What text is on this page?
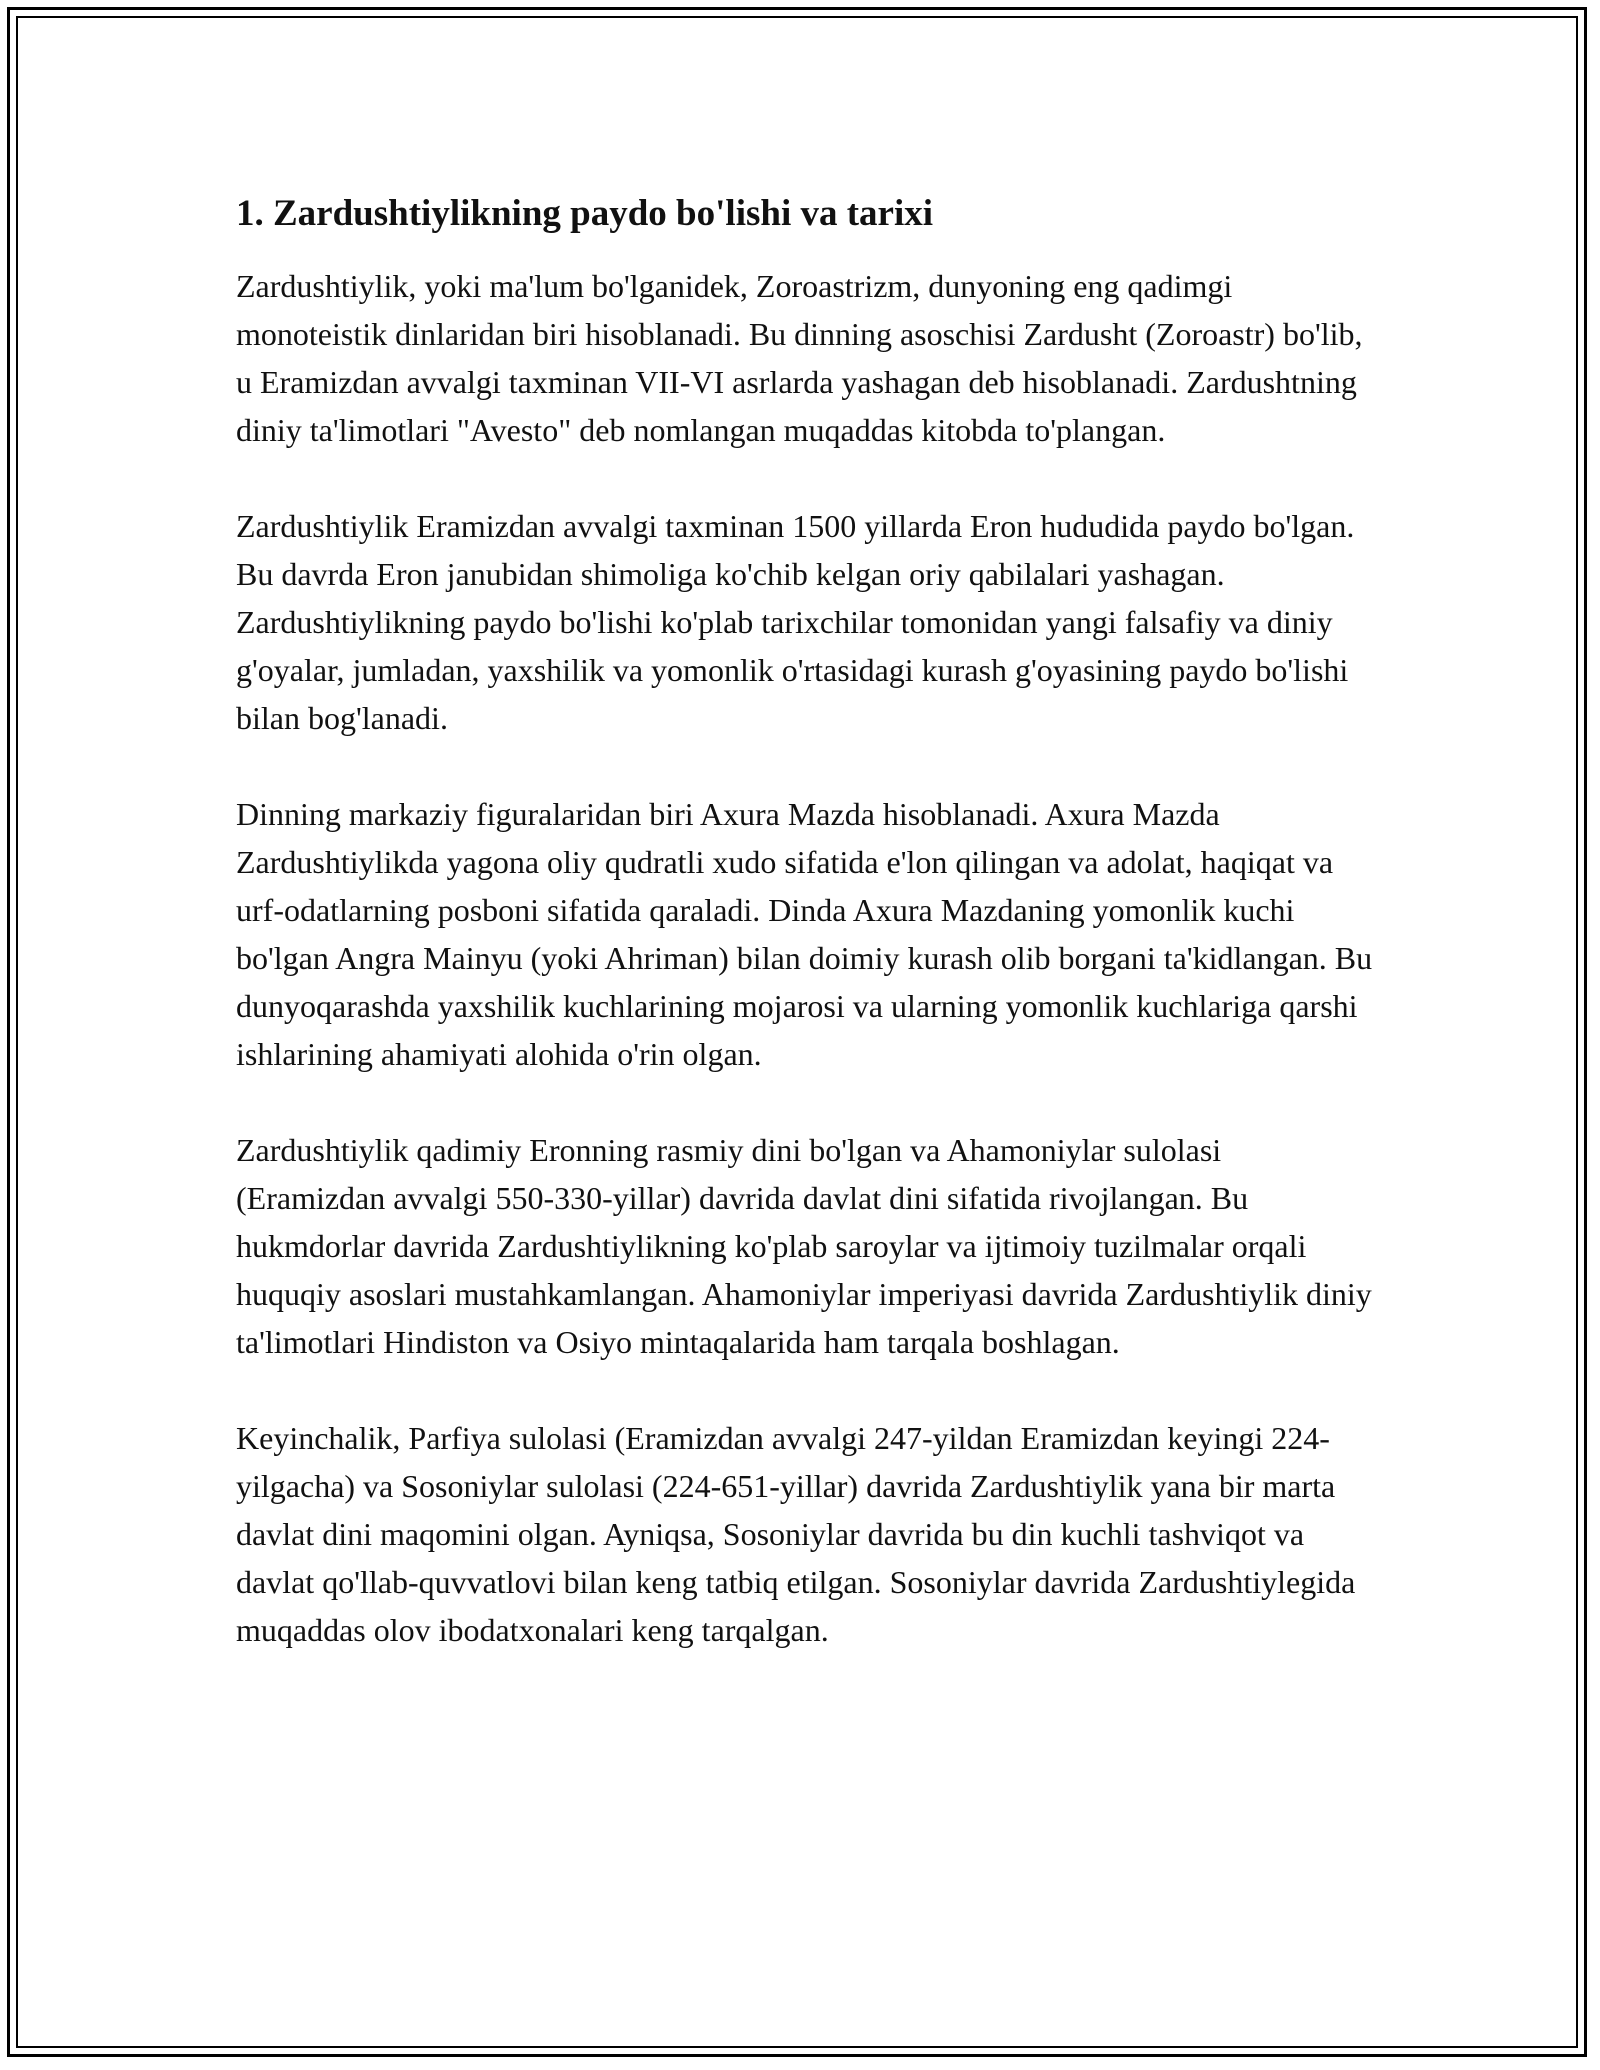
1. Zardushtiylikning paydo bo'lishi va tarixi

Zardushtiylik, yoki ma'lum bo'lganidek, Zoroastrizm, dunyoning eng qadimgi monoteistik dinlaridan biri hisoblanadi. Bu dinning asoschisi Zardusht (Zoroastr) bo'lib, u Eramizdan avvalgi taxminan VII-VI asrlarda yashagan deb hisoblanadi. Zardushtning diniy ta'limotlari "Avesto" deb nomlangan muqaddas kitobda to'plangan.

Zardushtiylik Eramizdan avvalgi taxminan 1500 yillarda Eron hududida paydo bo'lgan. Bu davrda Eron janubidan shimoliga ko'chib kelgan oriy qabilalari yashagan. Zardushtiylikning paydo bo'lishi ko'plab tarixchilar tomonidan yangi falsafiy va diniy g'oyalar, jumladan, yaxshilik va yomonlik o'rtasidagi kurash g'oyasining paydo bo'lishi bilan bog'lanadi.

Dinning markaziy figuralaridan biri Axura Mazda hisoblanadi. Axura Mazda Zardushtiylikda yagona oliy qudratli xudo sifatida e'lon qilingan va adolat, haqiqat va urf-odatlarning posboni sifatida qaraladi. Dinda Axura Mazdaning yomonlik kuchi bo'lgan Angra Mainyu (yoki Ahriman) bilan doimiy kurash olib borgani ta'kidlangan. Bu dunyoqarashda yaxshilik kuchlarining mojarosi va ularning yomonlik kuchlariga qarshi ishlarining ahamiyati alohida o'rin olgan.

Zardushtiylik qadimiy Eronning rasmiy dini bo'lgan va Ahamoniylar sulolasi (Eramizdan avvalgi 550-330-yillar) davrida davlat dini sifatida rivojlangan. Bu hukmdorlar davrida Zardushtiylikning ko'plab saroylar va ijtimoiy tuzilmalar orqali huquqiy asoslari mustahkamlangan. Ahamoniylar imperiyasi davrida Zardushtiylik diniy ta'limotlari Hindiston va Osiyo mintaqalarida ham tarqala boshlagan.

Keyinchalik, Parfiya sulolasi (Eramizdan avvalgi 247-yildan Eramizdan keyingi 224-yilgacha) va Sosoniylar sulolasi (224-651-yillar) davrida Zardushtiylik yana bir marta davlat dini maqomini olgan. Ayniqsa, Sosoniylar davrida bu din kuchli tashviqot va davlat qo'llab-quvvatlovi bilan keng tatbiq etilgan. Sosoniylar davrida Zardushtiylegida muqaddas olov ibodatxonalari keng tarqalgan.
